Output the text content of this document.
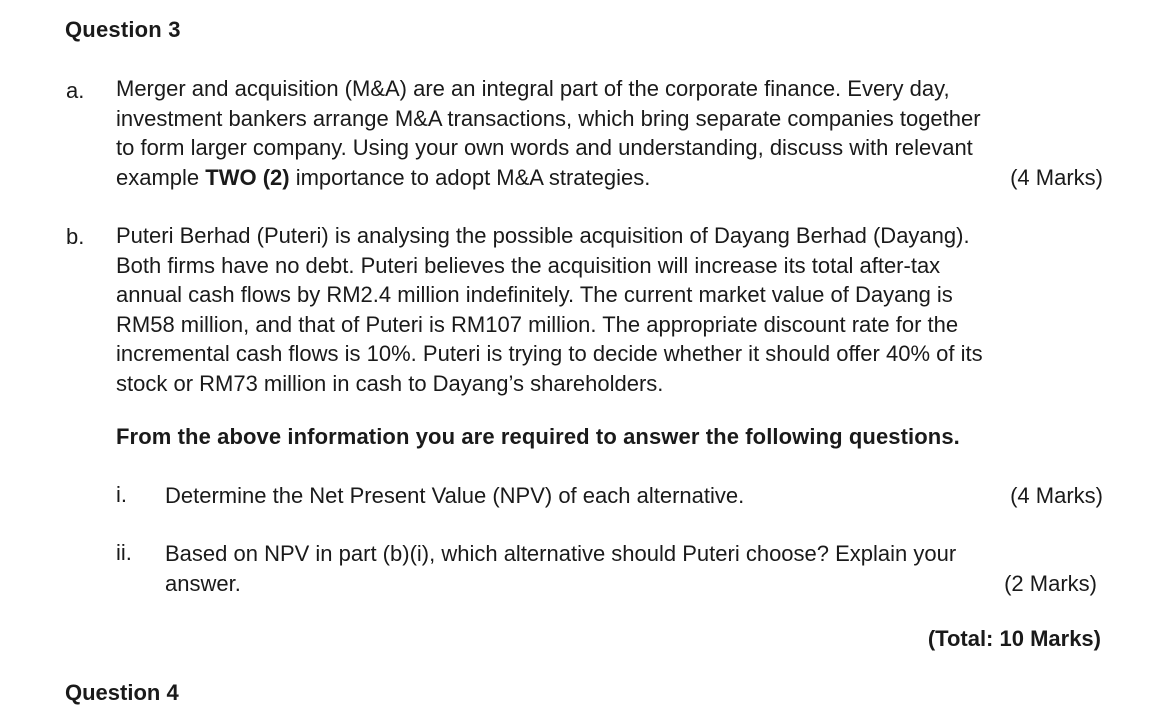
Question 3
a. Merger and acquisition (M&A) are an integral part of the corporate finance. Every day,
investment bankers arrange M&A transactions, which bring separate companies together
to form larger company. Using your own words and understanding, discuss with relevant
example TWO (2) importance to adopt M&A strategies.	(4 Marks)
b. Puteri Berhad (Puteri) is analysing the possible acquisition of Dayang Berhad (Dayang).
Both firms have no debt. Puteri believes the acquisition will increase its total after-tax
annual cash flows by RM2.4 million indefinitely. The current market value of Dayang is
RM58 million, and that of Puteri is RM107 million. The appropriate discount rate for the
incremental cash flows is 10%. Puteri is trying to decide whether it should offer 40% of its
stock or RM73 million in cash to Dayang’s shareholders.
From the above information you are required to answer the following questions.
i. Determine the Net Present Value (NPV) of each alternative.	(4 Marks)
ii. Based on NPV in part (b)(i), which alternative should Puteri choose? Explain your
answer.	(2 Marks)
(Total: 10 Marks)
Question 4
